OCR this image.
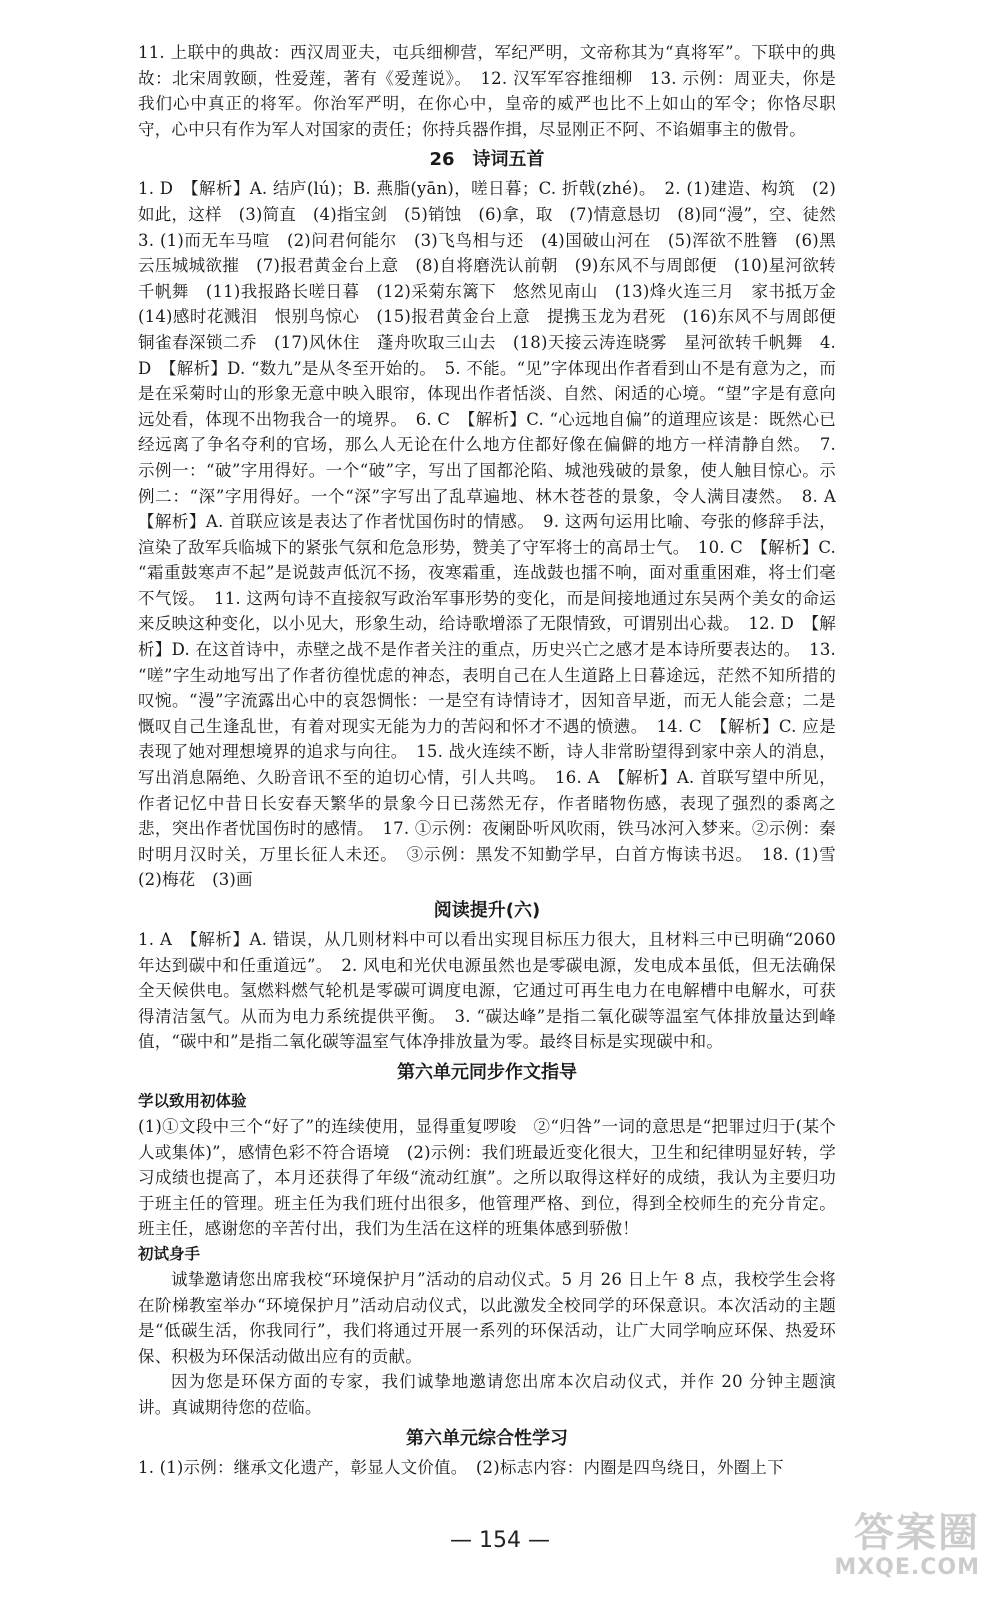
11. 上联中的典故：西汉周亚夫，屯兵细柳营，军纪严明，文帝称其为“真将军”。下联中的典故：北宋周敦颐，性爱莲，著有《爱莲说》。　12. 汉军军容推细柳　13. 示例：周亚夫，你是我们心中真正的将军。你治军严明，在你心中，皇帝的威严也比不上如山的军令；你恪尽职守，心中只有作为军人对国家的责任；你持兵器作揖，尽显刚正不阿、不谄媚事主的傲骨。

26　诗词五首

1. D　【解析】A. 结庐(lú)；B. 燕脂(yān)，嗟日暮；C. 折戟(zhé)。　2. (1)建造、构筑　(2)如此，这样　(3)简直　(4)指宝剑　(5)销蚀　(6)拿，取　(7)情意恳切　(8)同“漫”，空、徒然　3. (1)而无车马喧　(2)问君何能尔　(3)飞鸟相与还　(4)国破山河在　(5)浑欲不胜簪　(6)黑云压城城欲摧　(7)报君黄金台上意　(8)自将磨洗认前朝　(9)东风不与周郎便　(10)星河欲转千帆舞　(11)我报路长嗟日暮　(12)采菊东篱下　悠然见南山　(13)烽火连三月　家书抵万金　(14)感时花溅泪　恨别鸟惊心　(15)报君黄金台上意　提携玉龙为君死　(16)东风不与周郎便　铜雀春深锁二乔　(17)风休住　蓬舟吹取三山去　(18)天接云涛连晓雾　星河欲转千帆舞　4. D　【解析】D. “数九”是从冬至开始的。　5. 不能。“见”字体现出作者看到山不是有意为之，而是在采菊时山的形象无意中映入眼帘，体现出作者恬淡、自然、闲适的心境。“望”字是有意向远处看，体现不出物我合一的境界。　6. C　【解析】C. “心远地自偏”的道理应该是：既然心已经远离了争名夺利的官场，那么人无论在什么地方住都好像在偏僻的地方一样清静自然。　7. 示例一：“破”字用得好。一个“破”字，写出了国都沦陷、城池残破的景象，使人触目惊心。示例二：“深”字用得好。一个“深”字写出了乱草遍地、林木苍苍的景象，令人满目凄然。　8. A　【解析】A. 首联应该是表达了作者忧国伤时的情感。　9. 这两句运用比喻、夸张的修辞手法，渲染了敌军兵临城下的紧张气氛和危急形势，赞美了守军将士的高昂士气。　10. C　【解析】C. “霜重鼓寒声不起”是说鼓声低沉不扬，夜寒霜重，连战鼓也擂不响，面对重重困难，将士们毫不气馁。　11. 这两句诗不直接叙写政治军事形势的变化，而是间接地通过东吴两个美女的命运来反映这种变化，以小见大，形象生动，给诗歌增添了无限情致，可谓别出心裁。　12. D　【解析】D. 在这首诗中，赤壁之战不是作者关注的重点，历史兴亡之感才是本诗所要表达的。　13. “嗟”字生动地写出了作者彷徨忧虑的神态，表明自己在人生道路上日暮途远，茫然不知所措的叹惋。“漫”字流露出心中的哀怨惆怅：一是空有诗情诗才，因知音早逝，而无人能会意；二是慨叹自己生逢乱世，有着对现实无能为力的苦闷和怀才不遇的愤懑。　14. C　【解析】C. 应是表现了她对理想境界的追求与向往。　15. 战火连续不断，诗人非常盼望得到家中亲人的消息，写出消息隔绝、久盼音讯不至的迫切心情，引人共鸣。　16. A　【解析】A. 首联写望中所见，作者记忆中昔日长安春天繁华的景象今日已荡然无存，作者睹物伤感，表现了强烈的黍离之悲，突出作者忧国伤时的感情。　17. ①示例：夜阑卧听风吹雨，铁马冰河入梦来。②示例：秦时明月汉时关，万里长征人未还。　③示例：黑发不知勤学早，白首方悔读书迟。　18. (1)雪　(2)梅花　(3)画

阅读提升(六)

1. A　【解析】A. 错误，从几则材料中可以看出实现目标压力很大，且材料三中已明确“2060 年达到碳中和任重道远”。　2. 风电和光伏电源虽然也是零碳电源，发电成本虽低，但无法确保全天候供电。氢燃料燃气轮机是零碳可调度电源，它通过可再生电力在电解槽中电解水，可获得清洁氢气。从而为电力系统提供平衡。　3. “碳达峰”是指二氧化碳等温室气体排放量达到峰值，“碳中和”是指二氧化碳等温室气体净排放量为零。最终目标是实现碳中和。

第六单元同步作文指导
学以致用初体验

(1)①文段中三个“好了”的连续使用，显得重复啰唆　②“归咎”一词的意思是“把罪过归于(某个人或集体)”，感情色彩不符合语境　(2)示例：我们班最近变化很大，卫生和纪律明显好转，学习成绩也提高了，本月还获得了年级“流动红旗”。之所以取得这样好的成绩，我认为主要归功于班主任的管理。班主任为我们班付出很多，他管理严格、到位，得到全校师生的充分肯定。班主任，感谢您的辛苦付出，我们为生活在这样的班集体感到骄傲！

初试身手

诚挚邀请您出席我校“环境保护月”活动的启动仪式。5 月 26 日上午 8 点，我校学生会将在阶梯教室举办“环境保护月”活动启动仪式，以此激发全校同学的环保意识。本次活动的主题是“低碳生活，你我同行”，我们将通过开展一系列的环保活动，让广大同学响应环保、热爱环保、积极为环保活动做出应有的贡献。

因为您是环保方面的专家，我们诚挚地邀请您出席本次启动仪式，并作 20 分钟主题演讲。真诚期待您的莅临。

第六单元综合性学习

1. (1)示例：继承文化遗产，彰显人文价值。　(2)标志内容：内圈是四鸟绕日，外圈上下

— 154 —	答案圈
MXQE.COM
